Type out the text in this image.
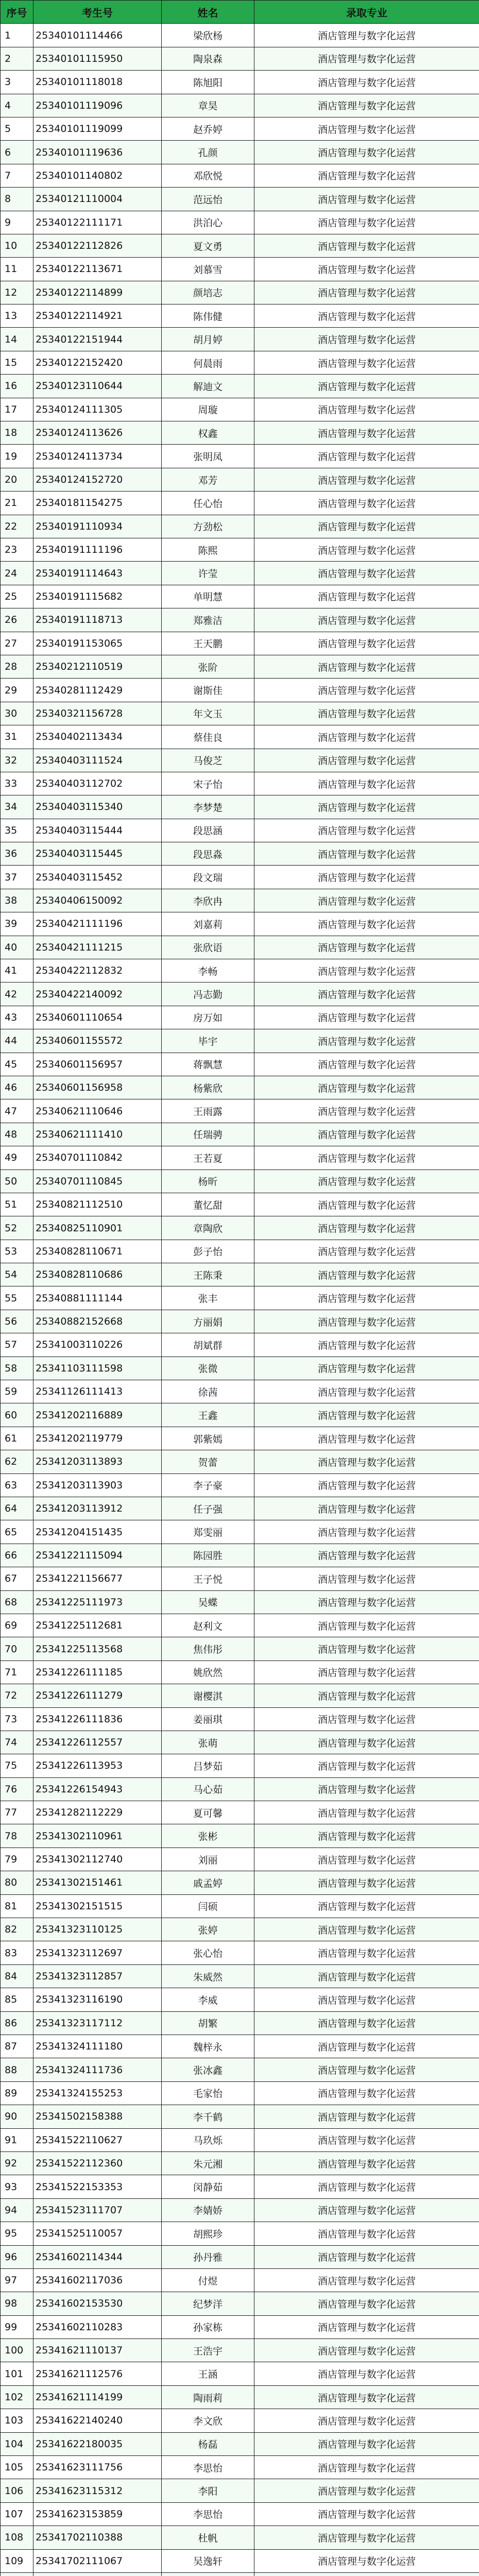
序号	考生号	姓名	录取专业
1	25340101114466	梁欣杨	酒店管理与数字化运营
2	25340101115950	陶泉森	酒店管理与数字化运营
3	25340101118018	陈旭阳	酒店管理与数字化运营
4	25340101119096	章昊	酒店管理与数字化运营
5	25340101119099	赵乔婷	酒店管理与数字化运营
6	25340101119636	孔颜	酒店管理与数字化运营
7	25340101140802	邓欣悦	酒店管理与数字化运营
8	25340121110004	范远怡	酒店管理与数字化运营
9	25340122111171	洪泊心	酒店管理与数字化运营
10	25340122112826	夏文勇	酒店管理与数字化运营
11	25340122113671	刘慕雪	酒店管理与数字化运营
12	25340122114899	颜培志	酒店管理与数字化运营
13	25340122114921	陈伟健	酒店管理与数字化运营
14	25340122151944	胡月婷	酒店管理与数字化运营
15	25340122152420	何晨雨	酒店管理与数字化运营
16	25340123110644	解迪文	酒店管理与数字化运营
17	25340124111305	周璇	酒店管理与数字化运营
18	25340124113626	权鑫	酒店管理与数字化运营
19	25340124113734	张明凤	酒店管理与数字化运营
20	25340124152720	邓芳	酒店管理与数字化运营
21	25340181154275	任心怡	酒店管理与数字化运营
22	25340191110934	方劲松	酒店管理与数字化运营
23	25340191111196	陈熙	酒店管理与数字化运营
24	25340191114643	许莹	酒店管理与数字化运营
25	25340191115682	单明慧	酒店管理与数字化运营
26	25340191118713	郑雅洁	酒店管理与数字化运营
27	25340191153065	王天鹏	酒店管理与数字化运营
28	25340212110519	张阶	酒店管理与数字化运营
29	25340281112429	谢斯佳	酒店管理与数字化运营
30	25340321156728	年文玉	酒店管理与数字化运营
31	25340402113434	蔡佳良	酒店管理与数字化运营
32	25340403111524	马俊芝	酒店管理与数字化运营
33	25340403112702	宋子怡	酒店管理与数字化运营
34	25340403115340	李梦楚	酒店管理与数字化运营
35	25340403115444	段思涵	酒店管理与数字化运营
36	25340403115445	段思淼	酒店管理与数字化运营
37	25340403115452	段文瑞	酒店管理与数字化运营
38	25340406150092	李欣冉	酒店管理与数字化运营
39	25340421111196	刘嘉莉	酒店管理与数字化运营
40	25340421111215	张欣语	酒店管理与数字化运营
41	25340422112832	李畅	酒店管理与数字化运营
42	25340422140092	冯志勤	酒店管理与数字化运营
43	25340601110654	房万如	酒店管理与数字化运营
44	25340601155572	毕宇	酒店管理与数字化运营
45	25340601156957	蒋飘慧	酒店管理与数字化运营
46	25340601156958	杨紫欣	酒店管理与数字化运营
47	25340621110646	王雨露	酒店管理与数字化运营
48	25340621111410	任瑞骋	酒店管理与数字化运营
49	25340701110842	王若夏	酒店管理与数字化运营
50	25340701110845	杨昕	酒店管理与数字化运营
51	25340821112510	董忆甜	酒店管理与数字化运营
52	25340825110901	章陶欣	酒店管理与数字化运营
53	25340828110671	彭子怡	酒店管理与数字化运营
54	25340828110686	王陈秉	酒店管理与数字化运营
55	25340881111144	张丰	酒店管理与数字化运营
56	25340882152668	方丽娟	酒店管理与数字化运营
57	25341003110226	胡斌群	酒店管理与数字化运营
58	25341103111598	张微	酒店管理与数字化运营
59	25341126111413	徐茜	酒店管理与数字化运营
60	25341202116889	王鑫	酒店管理与数字化运营
61	25341202119779	郭紫嫣	酒店管理与数字化运营
62	25341203113893	贺蕾	酒店管理与数字化运营
63	25341203113903	李子豪	酒店管理与数字化运营
64	25341203113912	任子强	酒店管理与数字化运营
65	25341204151435	郑雯丽	酒店管理与数字化运营
66	25341221115094	陈园胜	酒店管理与数字化运营
67	25341221156677	王子悦	酒店管理与数字化运营
68	25341225111973	吴蝶	酒店管理与数字化运营
69	25341225112681	赵利文	酒店管理与数字化运营
70	25341225113568	焦伟彤	酒店管理与数字化运营
71	25341226111185	姚欣然	酒店管理与数字化运营
72	25341226111279	谢樱淇	酒店管理与数字化运营
73	25341226111836	姜丽琪	酒店管理与数字化运营
74	25341226112557	张萌	酒店管理与数字化运营
75	25341226113953	吕梦茹	酒店管理与数字化运营
76	25341226154943	马心茹	酒店管理与数字化运营
77	25341282112229	夏可馨	酒店管理与数字化运营
78	25341302110961	张彬	酒店管理与数字化运营
79	25341302112740	刘丽	酒店管理与数字化运营
80	25341302151461	戚孟婷	酒店管理与数字化运营
81	25341302151515	闫硕	酒店管理与数字化运营
82	25341323110125	张婷	酒店管理与数字化运营
83	25341323112697	张心怡	酒店管理与数字化运营
84	25341323112857	朱威然	酒店管理与数字化运营
85	25341323116190	李威	酒店管理与数字化运营
86	25341323117112	胡繁	酒店管理与数字化运营
87	25341324111180	魏梓永	酒店管理与数字化运营
88	25341324111736	张冰鑫	酒店管理与数字化运营
89	25341324155253	毛家怡	酒店管理与数字化运营
90	25341502158388	李千鹤	酒店管理与数字化运营
91	25341522110627	马玖烁	酒店管理与数字化运营
92	25341522112360	朱元湘	酒店管理与数字化运营
93	25341522153353	闵静茹	酒店管理与数字化运营
94	25341523111707	李婧娇	酒店管理与数字化运营
95	25341525110057	胡熙珍	酒店管理与数字化运营
96	25341602114344	孙丹雅	酒店管理与数字化运营
97	25341602117036	付煜	酒店管理与数字化运营
98	25341602153530	纪梦洋	酒店管理与数字化运营
99	25341602110283	孙家栋	酒店管理与数字化运营
100	25341621110137	王浩宇	酒店管理与数字化运营
101	25341621112576	王涵	酒店管理与数字化运营
102	25341621114199	陶雨莉	酒店管理与数字化运营
103	25341622140240	李文欣	酒店管理与数字化运营
104	25341622180035	杨磊	酒店管理与数字化运营
105	25341623111756	李思怡	酒店管理与数字化运营
106	25341623115312	李阳	酒店管理与数字化运营
107	25341623153859	李思怡	酒店管理与数字化运营
108	25341702110388	杜帆	酒店管理与数字化运营
109	25341702111067	吴逸轩	酒店管理与数字化运营
